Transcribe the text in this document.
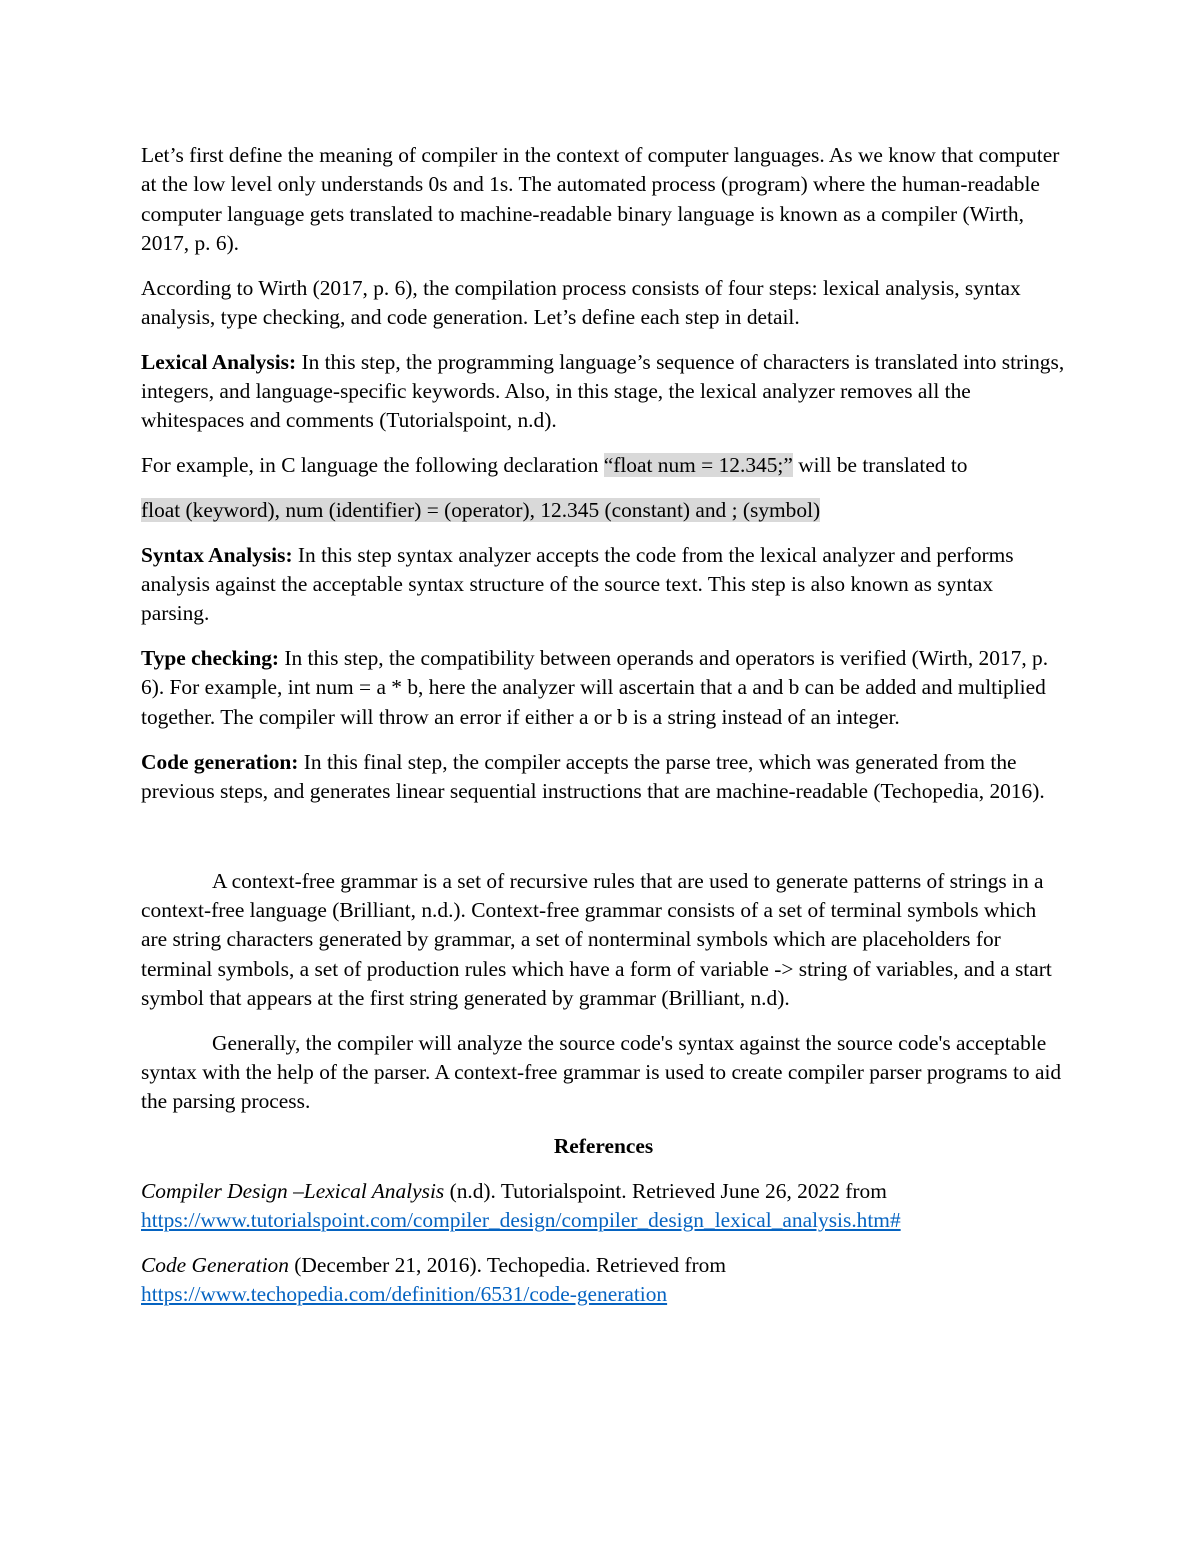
Let’s first define the meaning of compiler in the context of computer languages. As we know that computer at the low level only understands 0s and 1s. The automated process (program) where the human-readable computer language gets translated to machine-readable binary language is known as a compiler (Wirth, 2017, p. 6).

According to Wirth (2017, p. 6), the compilation process consists of four steps: lexical analysis, syntax analysis, type checking, and code generation. Let’s define each step in detail.

Lexical Analysis: In this step, the programming language’s sequence of characters is translated into strings, integers, and language-specific keywords. Also, in this stage, the lexical analyzer removes all the whitespaces and comments (Tutorialspoint, n.d).

For example, in C language the following declaration “float num = 12.345;” will be translated to

float (keyword), num (identifier) = (operator), 12.345 (constant) and ; (symbol)

Syntax Analysis: In this step syntax analyzer accepts the code from the lexical analyzer and performs analysis against the acceptable syntax structure of the source text. This step is also known as syntax parsing.

Type checking: In this step, the compatibility between operands and operators is verified (Wirth, 2017, p. 6). For example, int num = a * b, here the analyzer will ascertain that a and b can be added and multiplied together. The compiler will throw an error if either a or b is a string instead of an integer.

Code generation: In this final step, the compiler accepts the parse tree, which was generated from the previous steps, and generates linear sequential instructions that are machine-readable (Techopedia, 2016).

A context-free grammar is a set of recursive rules that are used to generate patterns of strings in a context-free language (Brilliant, n.d.). Context-free grammar consists of a set of terminal symbols which are string characters generated by grammar, a set of nonterminal symbols which are placeholders for terminal symbols, a set of production rules which have a form of variable -> string of variables, and a start symbol that appears at the first string generated by grammar (Brilliant, n.d).

Generally, the compiler will analyze the source code's syntax against the source code's acceptable syntax with the help of the parser. A context-free grammar is used to create compiler parser programs to aid the parsing process.

References

Compiler Design –Lexical Analysis (n.d). Tutorialspoint. Retrieved June 26, 2022 from
https://www.tutorialspoint.com/compiler_design/compiler_design_lexical_analysis.htm#

Code Generation (December 21, 2016). Techopedia. Retrieved from
https://www.techopedia.com/definition/6531/code-generation
